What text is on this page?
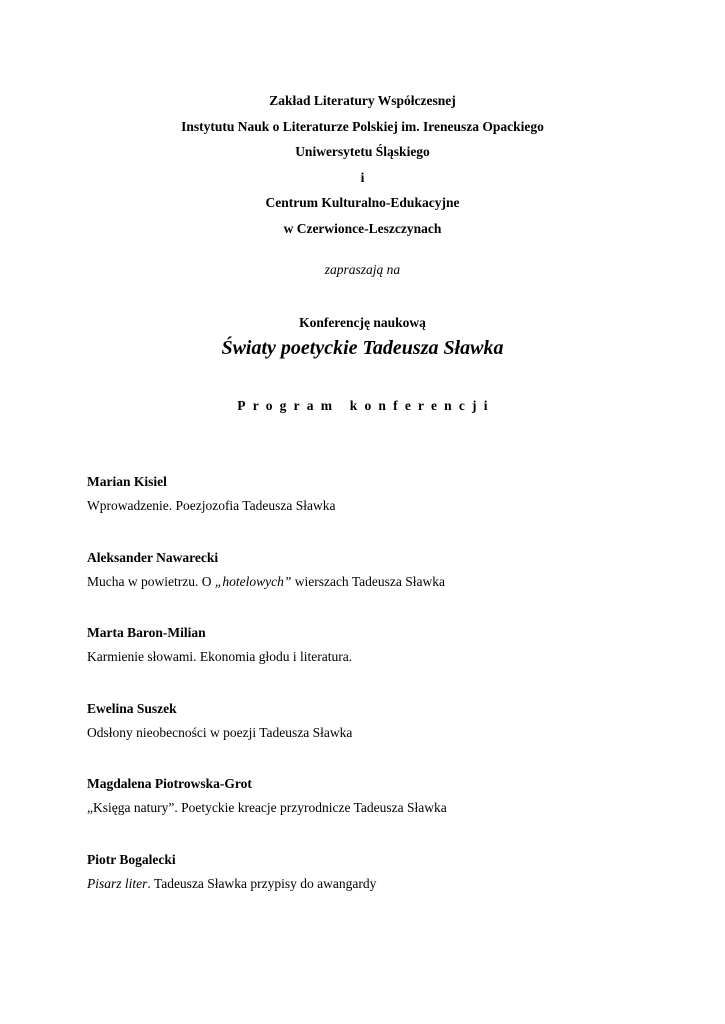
Zakład Literatury Współczesnej
Instytutu Nauk o Literaturze Polskiej im. Ireneusza Opackiego
Uniwersytetu Śląskiego
i
Centrum Kulturalno-Edukacyjne
w Czerwionce-Leszczynach
zapraszają na
Konferencję naukową
Światy poetyckie Tadeusza Sławka
Program konferencji
Marian Kisiel
Wprowadzenie. Poezjozofia Tadeusza Sławka
Aleksander Nawarecki
Mucha w powietrzu. O „hotelowych” wierszach Tadeusza Sławka
Marta Baron-Milian
Karmienie słowami. Ekonomia głodu i literatura.
Ewelina Suszek
Odsłony nieobecności w poezji Tadeusza Sławka
Magdalena Piotrowska-Grot
„Księga natury”. Poetyckie kreacje przyrodnicze Tadeusza Sławka
Piotr Bogalecki
Pisarz liter. Tadeusza Sławka przypisy do awangardy
